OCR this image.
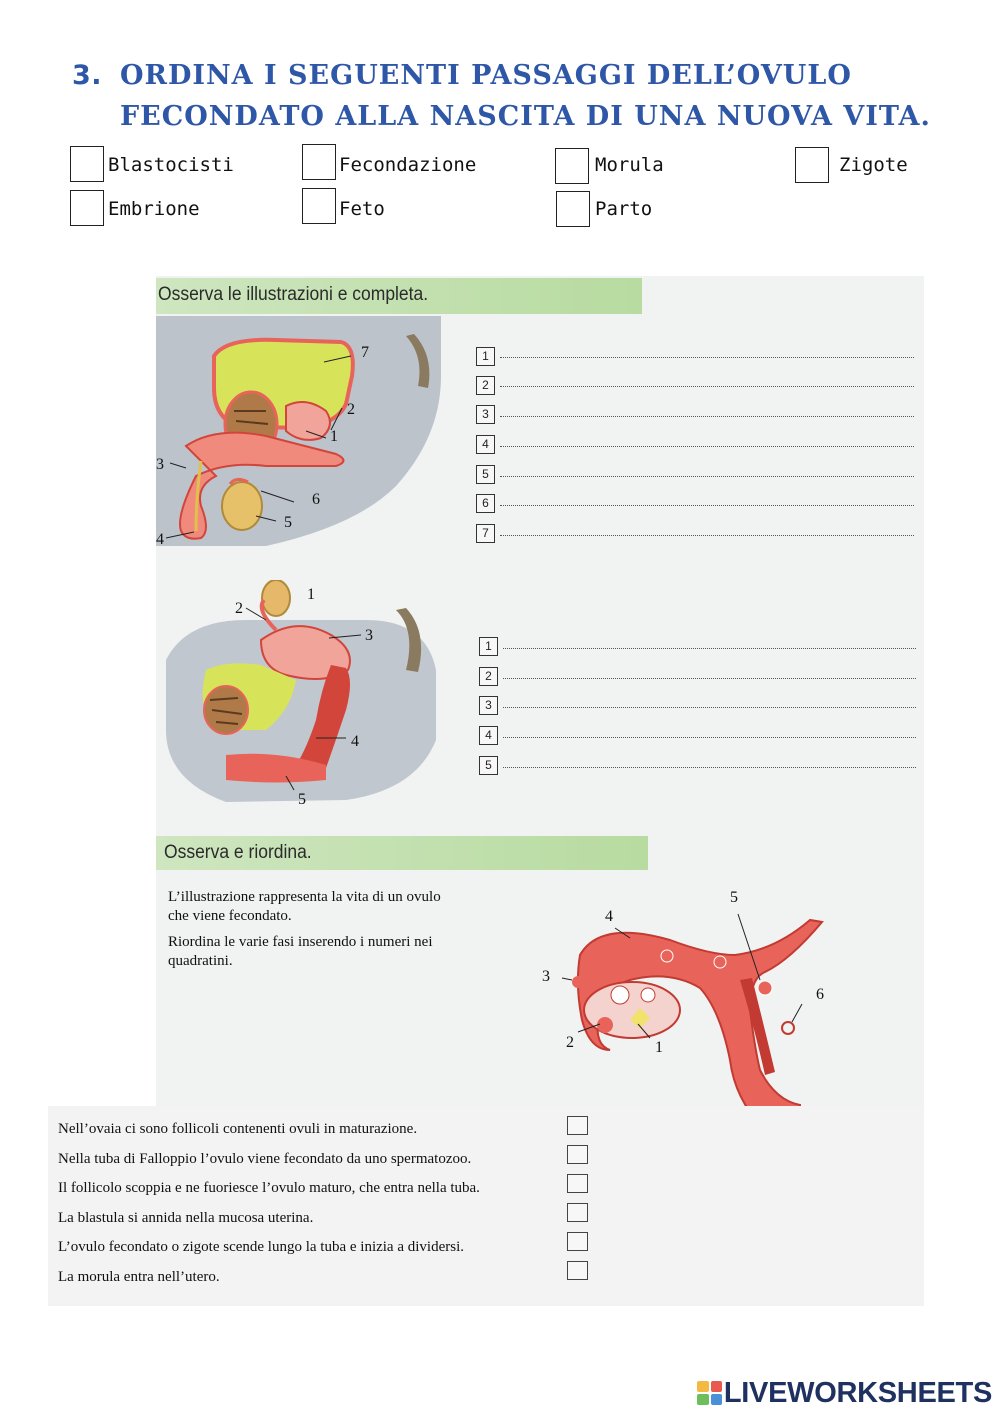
3. ORDINA I SEGUENTI PASSAGGI DELL’OVULO
FECONDATO ALLA NASCITA DI UNA NUOVA VITA.
Blastocisti	Fecondazione	Morula	Zigote
Embrione	Feto	Parto
Osserva le illustrazioni e completa.
7
2
1
3
6
5
4
1
2
3
4
5
6
7
1
2
3
4
5
1
2
3
4
5
Osserva e riordina.
L’illustrazione rappresenta la vita di un ovulo
che viene fecondato.
Riordina le varie fasi inserendo i numeri nei
quadratini.
4
5
3
6
2	1
Nell’ovaia ci sono follicoli contenenti ovuli in maturazione.
Nella tuba di Falloppio l’ovulo viene fecondato da uno spermatozoo.
Il follicolo scoppia e ne fuoriesce l’ovulo maturo, che entra nella tuba.
La blastula si annida nella mucosa uterina.
L’ovulo fecondato o zigote scende lungo la tuba e inizia a dividersi.
La morula entra nell’utero.
LIVEWORKSHEETS
